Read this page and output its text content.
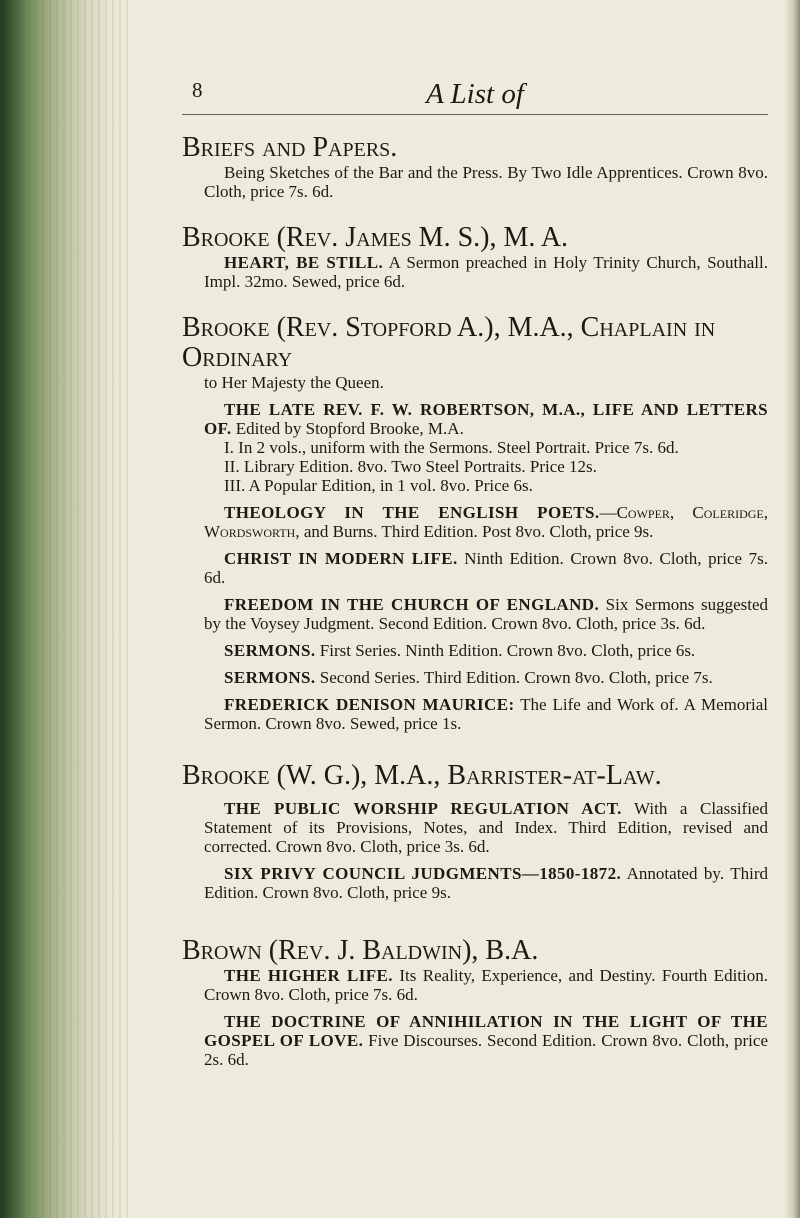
8	A List of
Briefs and Papers.

Being Sketches of the Bar and the Press. By Two Idle Apprentices. Crown 8vo. Cloth, price 7s. 6d.

Brooke (Rev. James M. S.), M. A.

HEART, BE STILL. A Sermon preached in Holy Trinity Church, Southall. Impl. 32mo. Sewed, price 6d.

Brooke (Rev. Stopford A.), M.A., Chaplain in Ordinary

to Her Majesty the Queen.

THE LATE REV. F. W. ROBERTSON, M.A., LIFE AND LETTERS OF. Edited by Stopford Brooke, M.A.

I. In 2 vols., uniform with the Sermons. Steel Portrait. Price 7s. 6d.
II. Library Edition. 8vo. Two Steel Portraits. Price 12s.
III. A Popular Edition, in 1 vol. 8vo. Price 6s.

THEOLOGY IN THE ENGLISH POETS.—Cowper, Coleridge, Wordsworth, and Burns. Third Edition. Post 8vo. Cloth, price 9s.

CHRIST IN MODERN LIFE. Ninth Edition. Crown 8vo. Cloth, price 7s. 6d.

FREEDOM IN THE CHURCH OF ENGLAND. Six Sermons suggested by the Voysey Judgment. Second Edition. Crown 8vo. Cloth, price 3s. 6d.

SERMONS. First Series. Ninth Edition. Crown 8vo. Cloth, price 6s.

SERMONS. Second Series. Third Edition. Crown 8vo. Cloth, price 7s.

FREDERICK DENISON MAURICE: The Life and Work of. A Memorial Sermon. Crown 8vo. Sewed, price 1s.

Brooke (W. G.), M.A., Barrister-at-Law.

THE PUBLIC WORSHIP REGULATION ACT. With a Classified Statement of its Provisions, Notes, and Index. Third Edition, revised and corrected. Crown 8vo. Cloth, price 3s. 6d.

SIX PRIVY COUNCIL JUDGMENTS—1850-1872. Annotated by. Third Edition. Crown 8vo. Cloth, price 9s.

Brown (Rev. J. Baldwin), B.A.

THE HIGHER LIFE. Its Reality, Experience, and Destiny. Fourth Edition. Crown 8vo. Cloth, price 7s. 6d.

THE DOCTRINE OF ANNIHILATION IN THE LIGHT OF THE GOSPEL OF LOVE. Five Discourses. Second Edition. Crown 8vo. Cloth, price 2s. 6d.
